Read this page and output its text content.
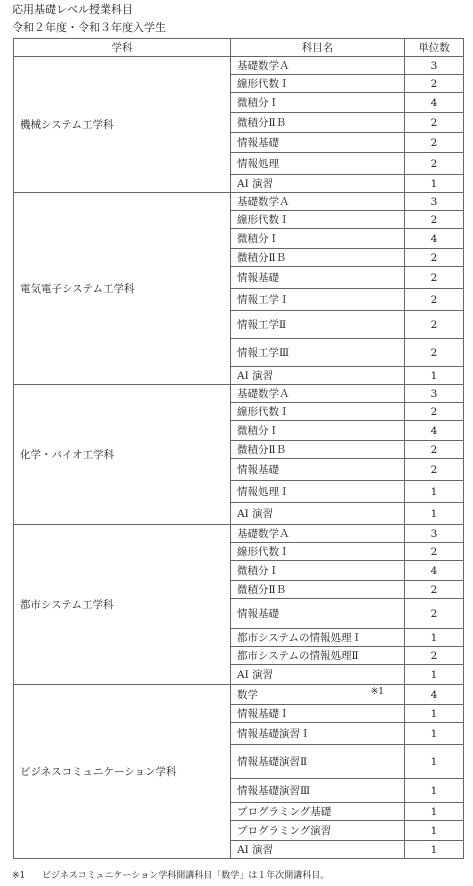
応用基礎レベル授業科目
令和２年度・令和３年度入学生
学科	科目名	単位数
機械システム工学科	基礎数学Ａ	3
	線形代数Ｉ	2
	微積分Ｉ	4
	微積分ⅡＢ	2
	情報基礎	2
	情報処理	2
	AI 演習	1
電気電子システム工学科	基礎数学Ａ	3
	線形代数Ｉ	2
	微積分Ｉ	4
	微積分ⅡＢ	2
	情報基礎	2
	情報工学Ｉ	2
	情報工学Ⅱ	2
	情報工学Ⅲ	2
	AI 演習	1
化学・バイオ工学科	基礎数学Ａ	3
	線形代数Ｉ	2
	微積分Ｉ	4
	微積分ⅡＢ	2
	情報基礎	2
	情報処理Ｉ	1
	AI 演習	1
都市システム工学科	基礎数学Ａ	3
	線形代数Ｉ	2
	微積分Ｉ	4
	微積分ⅡＢ	2
	情報基礎	2
	都市システムの情報処理Ｉ	1
	都市システムの情報処理Ⅱ	2
	AI 演習	1
ビジネスコミュニケーション学科	数学 ※1	4
	情報基礎Ｉ	1
	情報基礎演習Ｉ	1
	情報基礎演習Ⅱ	1
	情報基礎演習Ⅲ	1
	プログラミング基礎	1
	プログラミング演習	1
	AI 演習	1
※1 ビジネスコミュニケーション学科開講科目「数学」は１年次開講科目。
